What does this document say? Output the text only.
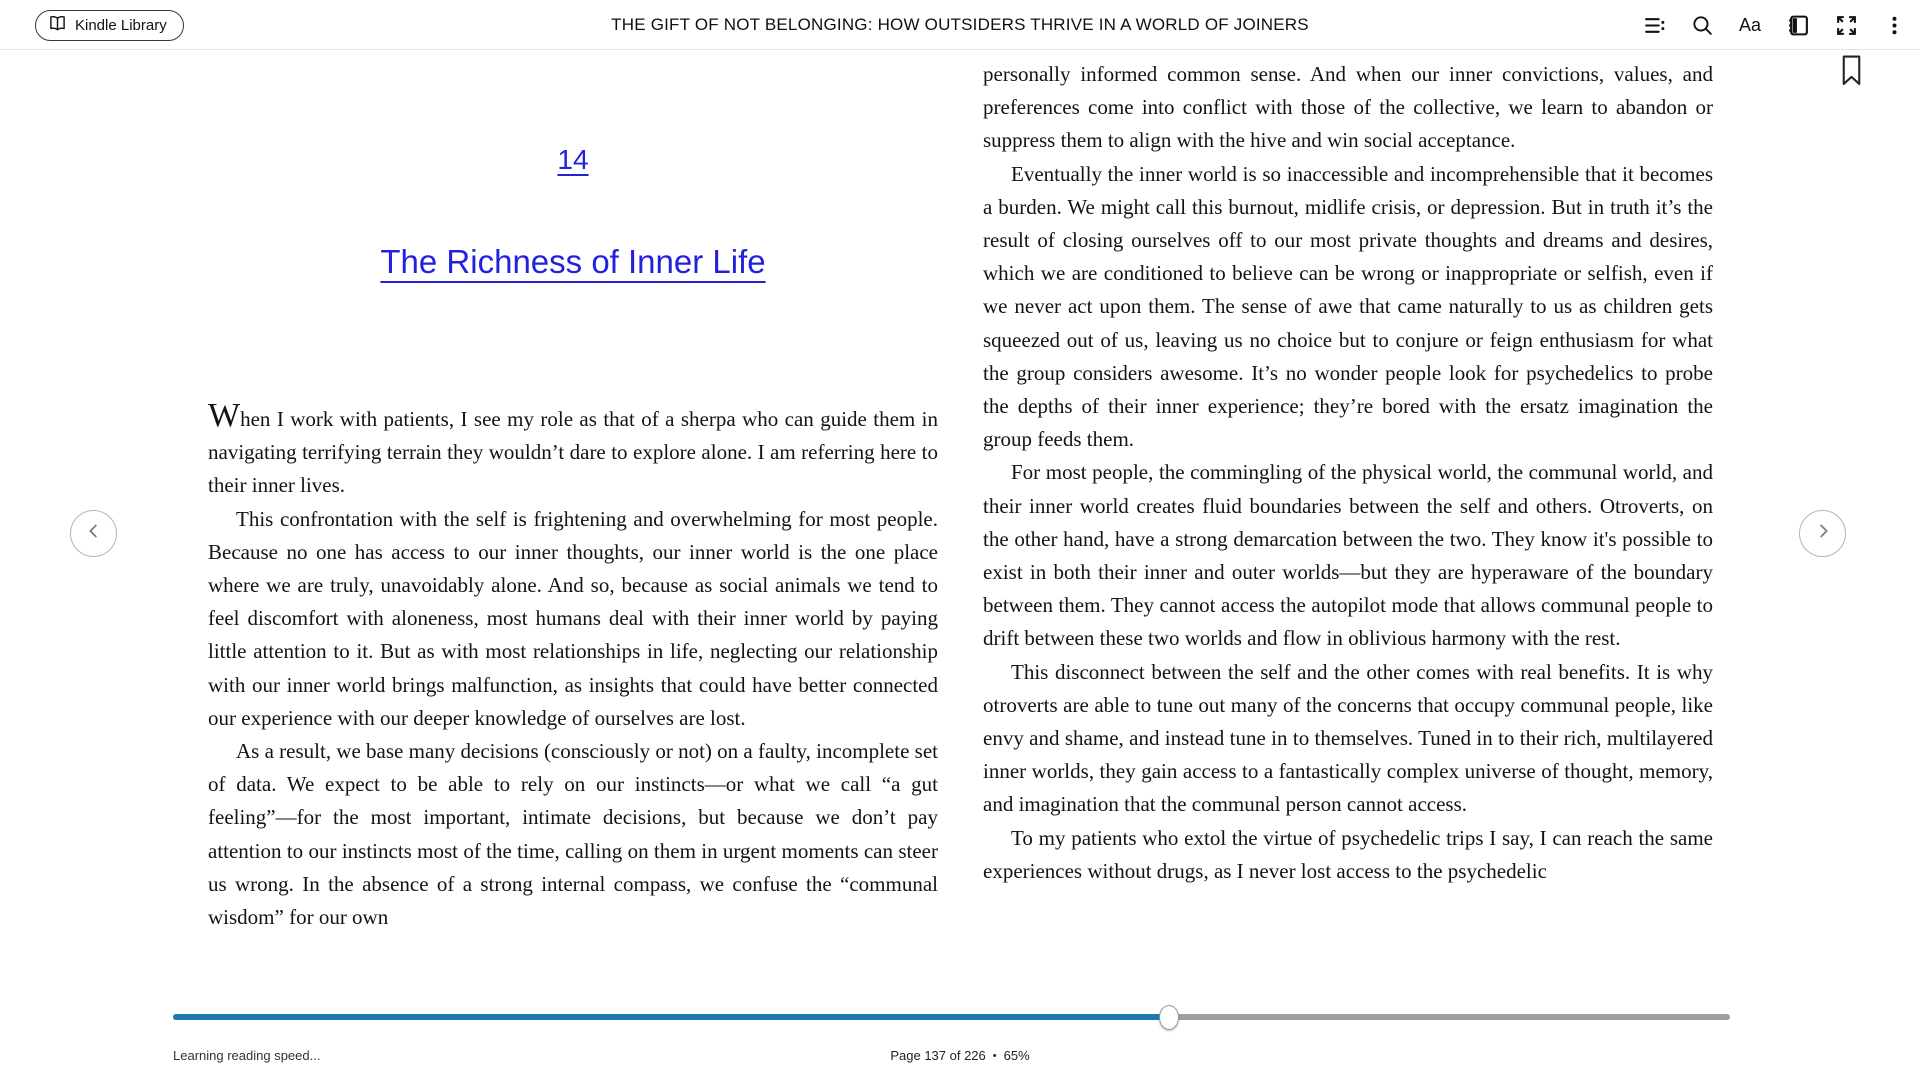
Kindle Library	THE GIFT OF NOT BELONGING: HOW OUTSIDERS THRIVE IN A WORLD OF JOINERS	Aa
14
The Richness of Inner Life

When I work with patients, I see my role as that of a sherpa who can guide them in navigating terrifying terrain they wouldn’t dare to explore alone. I am referring here to their inner lives.

This confrontation with the self is frightening and overwhelming for most people. Because no one has access to our inner thoughts, our inner world is the one place where we are truly, unavoidably alone. And so, because as social animals we tend to feel discomfort with aloneness, most humans deal with their inner world by paying little attention to it. But as with most relationships in life, neglecting our relationship with our inner world brings malfunction, as insights that could have better connected our experience with our deeper knowledge of ourselves are lost.

As a result, we base many decisions (consciously or not) on a faulty, incomplete set of data. We expect to be able to rely on our instincts—or what we call “a gut feeling”—for the most important, intimate decisions, but because we don’t pay attention to our instincts most of the time, calling on them in urgent moments can steer us wrong. In the absence of a strong internal compass, we confuse the “communal wisdom” for our own

personally informed common sense. And when our inner convictions, values, and preferences come into conflict with those of the collective, we learn to abandon or suppress them to align with the hive and win social acceptance.

Eventually the inner world is so inaccessible and incomprehensible that it becomes a burden. We might call this burnout, midlife crisis, or depression. But in truth it’s the result of closing ourselves off to our most private thoughts and dreams and desires, which we are conditioned to believe can be wrong or inappropriate or selfish, even if we never act upon them. The sense of awe that came naturally to us as children gets squeezed out of us, leaving us no choice but to conjure or feign enthusiasm for what the group considers awesome. It’s no wonder people look for psychedelics to probe the depths of their inner experience; they’re bored with the ersatz imagination the group feeds them.

For most people, the commingling of the physical world, the communal world, and their inner world creates fluid boundaries between the self and others. Otroverts, on the other hand, have a strong demarcation between the two. They know it's possible to exist in both their inner and outer worlds—but they are hyperaware of the boundary between them. They cannot access the autopilot mode that allows communal people to drift between these two worlds and flow in oblivious harmony with the rest.

This disconnect between the self and the other comes with real benefits. It is why otroverts are able to tune out many of the concerns that occupy communal people, like envy and shame, and instead tune in to themselves. Tuned in to their rich, multilayered inner worlds, they gain access to a fantastically complex universe of thought, memory, and imagination that the communal person cannot access.

To my patients who extol the virtue of psychedelic trips I say, I can reach the same experiences without drugs, as I never lost access to the psychedelic

Learning reading speed...	Page 137 of 226 • 65%
